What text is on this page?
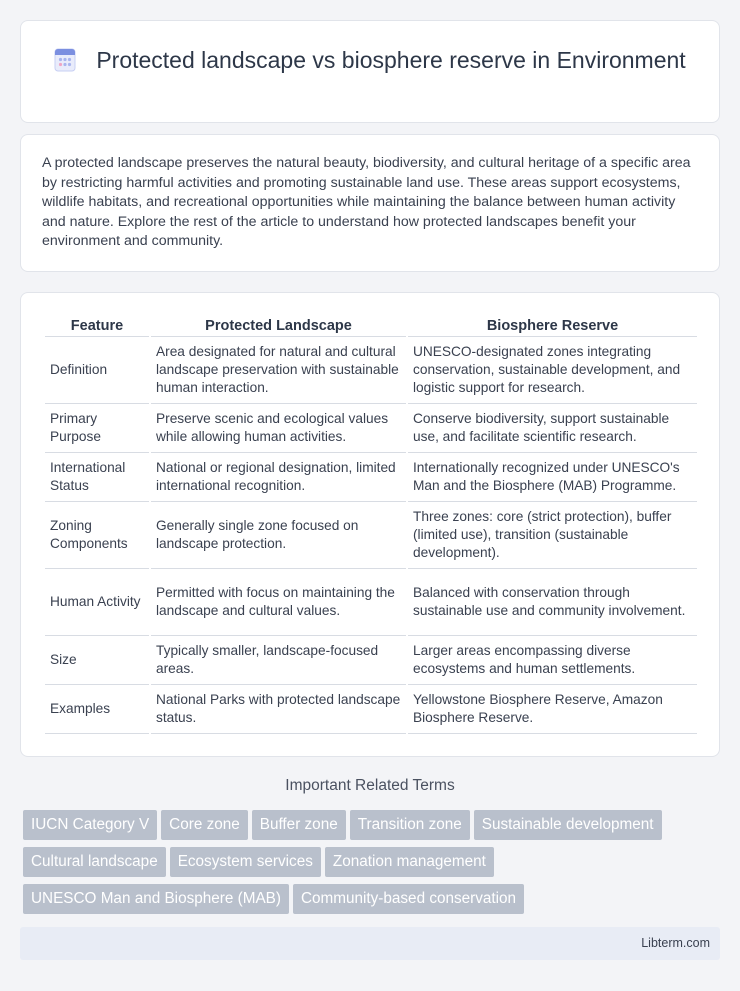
Protected landscape vs biosphere reserve in Environment

A protected landscape preserves the natural beauty, biodiversity, and cultural heritage of a specific area by restricting harmful activities and promoting sustainable land use. These areas support ecosystems, wildlife habitats, and recreational opportunities while maintaining the balance between human activity and nature. Explore the rest of the article to understand how protected landscapes benefit your environment and community.

Feature	Protected Landscape	Biosphere Reserve
Definition	Area designated for natural and cultural landscape preservation with sustainable human interaction.	UNESCO-designated zones integrating conservation, sustainable development, and logistic support for research.
Primary Purpose	Preserve scenic and ecological values while allowing human activities.	Conserve biodiversity, support sustainable use, and facilitate scientific research.
International Status	National or regional designation, limited international recognition.	Internationally recognized under UNESCO's Man and the Biosphere (MAB) Programme.
Zoning Components	Generally single zone focused on landscape protection.	Three zones: core (strict protection), buffer (limited use), transition (sustainable development).
Human Activity	Permitted with focus on maintaining the landscape and cultural values.	Balanced with conservation through sustainable use and community involvement.
Size	Typically smaller, landscape-focused areas.	Larger areas encompassing diverse ecosystems and human settlements.
Examples	National Parks with protected landscape status.	Yellowstone Biosphere Reserve, Amazon Biosphere Reserve.
Important Related Terms
IUCN Category V Core zone Buffer zone Transition zone Sustainable development
Cultural landscape Ecosystem services Zonation management
UNESCO Man and Biosphere (MAB) Community-based conservation
Libterm.com
